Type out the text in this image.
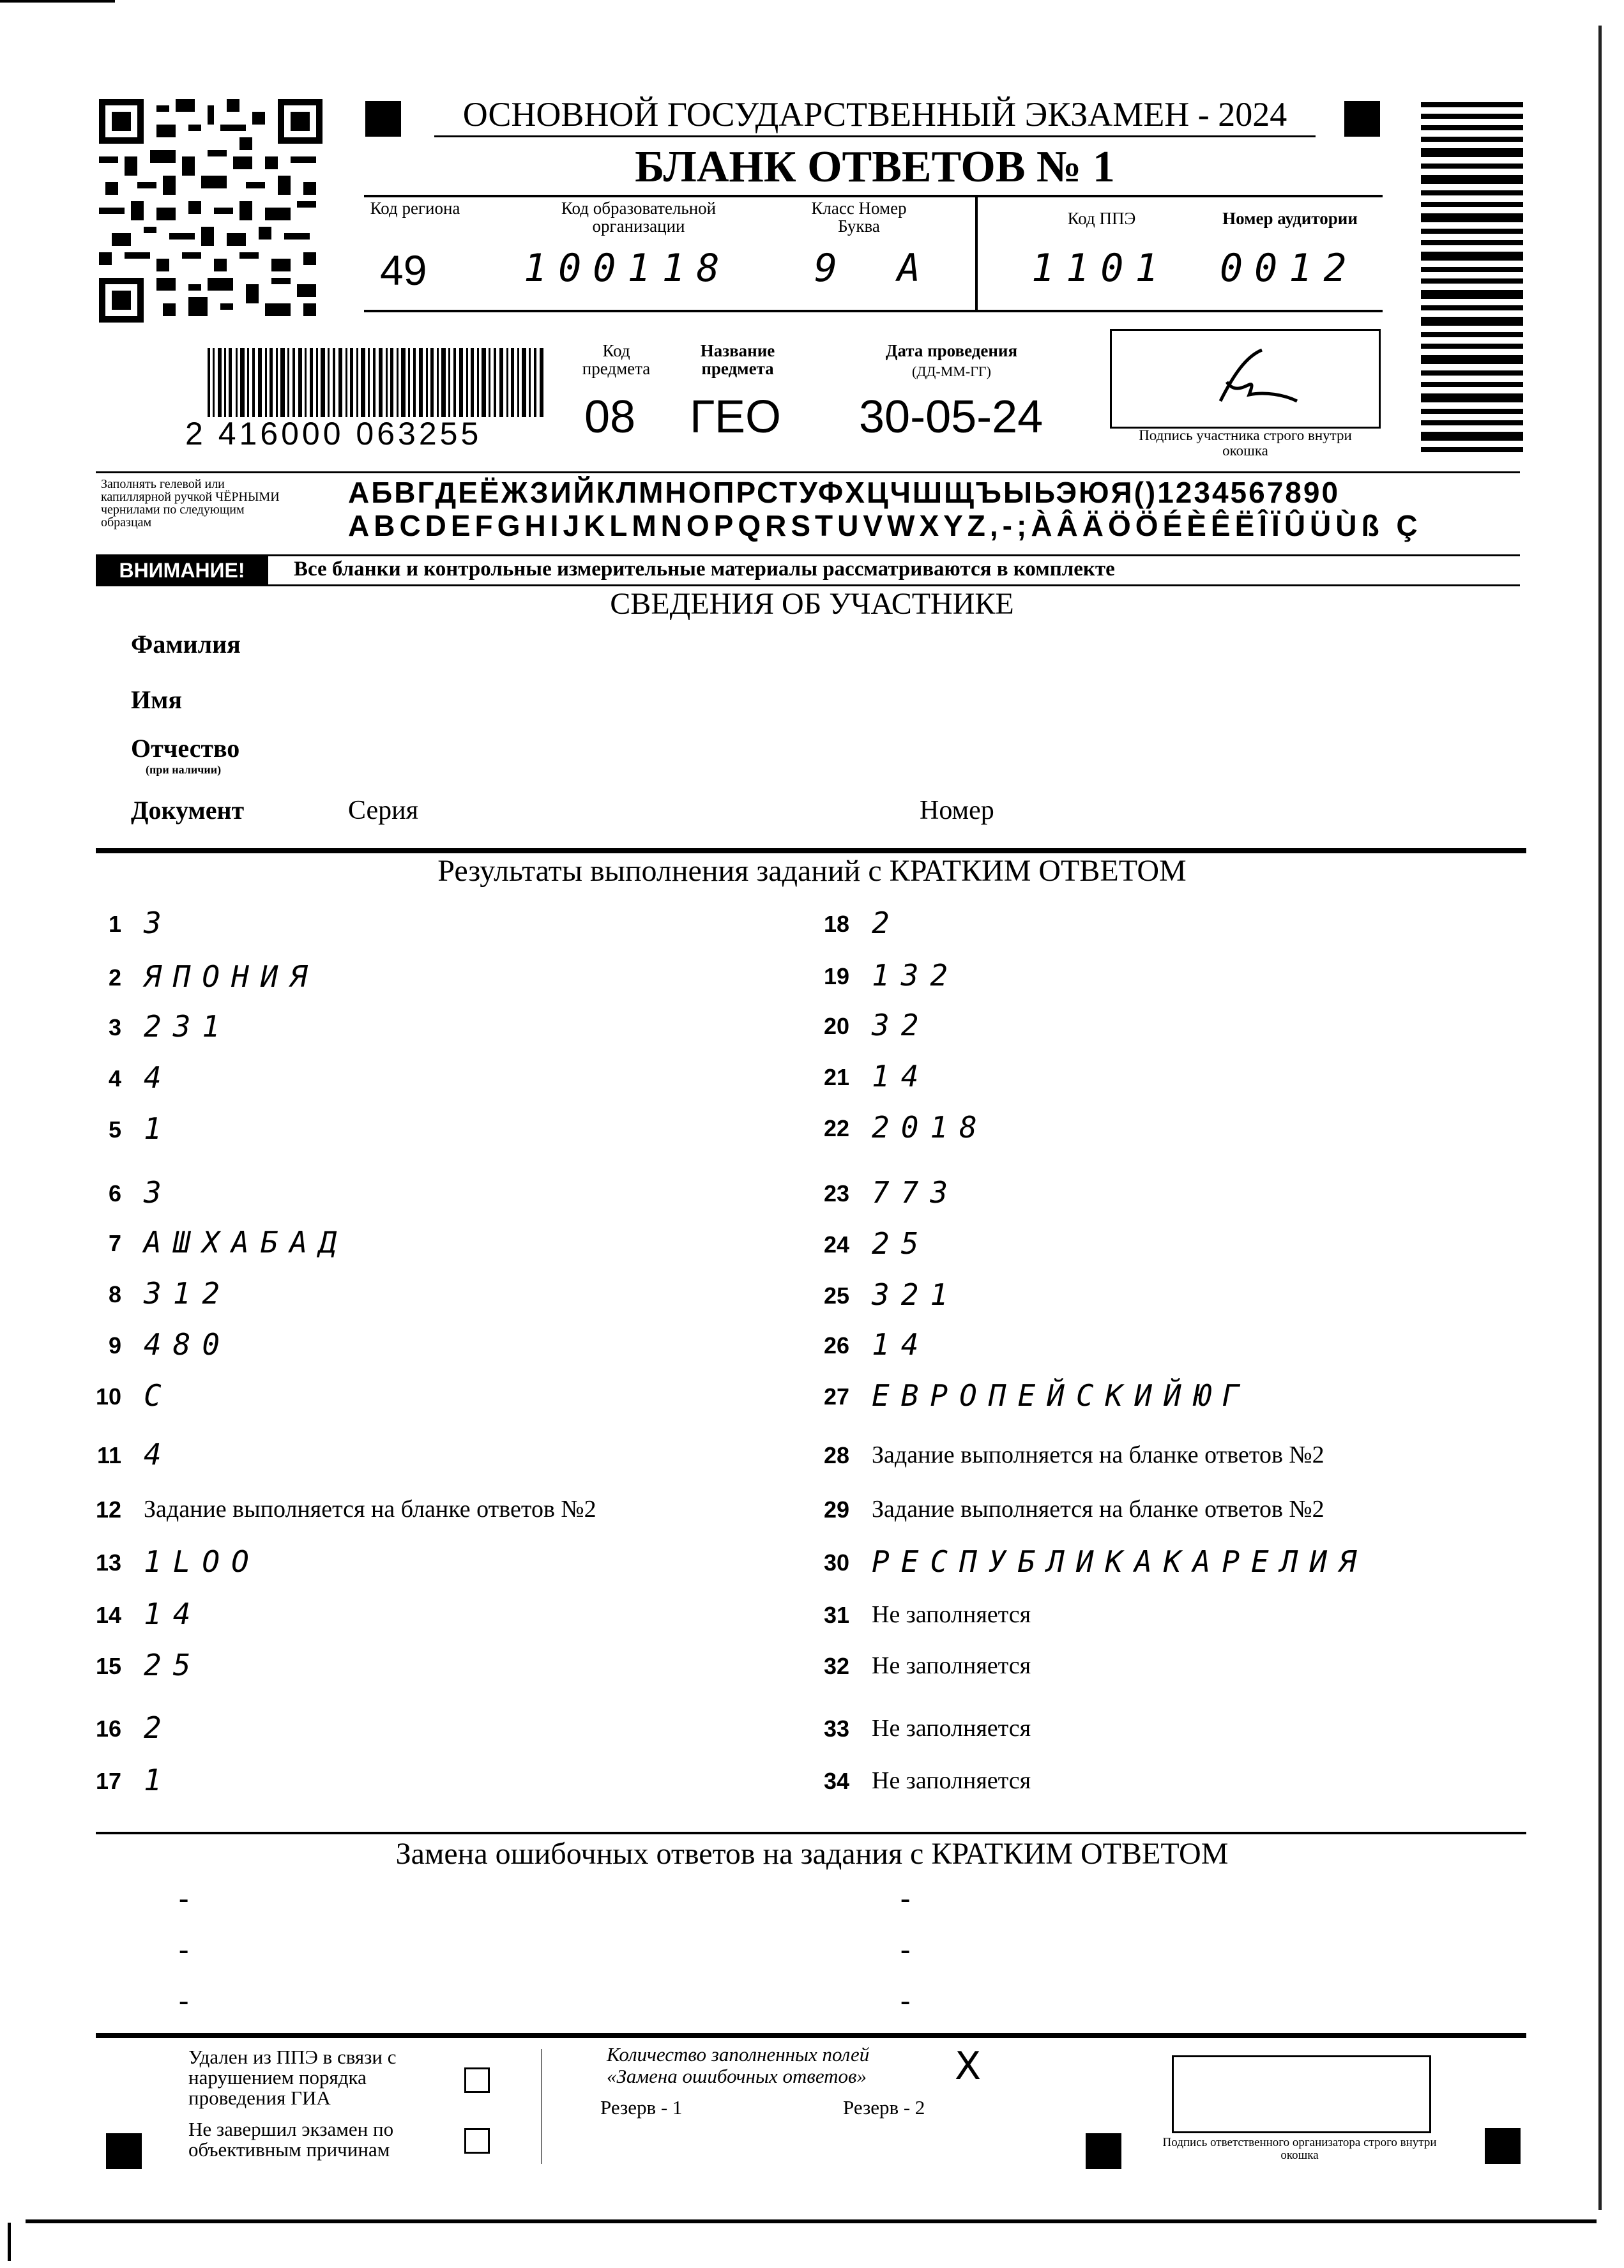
ОСНОВНОЙ ГОСУДАРСТВЕННЫЙ ЭКЗАМЕН - 2024
БЛАНК ОТВЕТОВ № 1
Код региона
49
Код образовательной организации
100118
Класс Номер Буква
9 А
Код ППЭ
1101
Номер аудитории
0012
2 416000 063255
Код предмета
08
Название предмета
ГЕО
Дата проведения
(ДД-ММ-ГГ)
30-05-24	Подпись участника строго внутри окошка
Заполнять гелевой или капиллярной ручкой ЧЁРНЫМИ чернилами по следующим образцам
АБВГДЕЁЖЗИЙКЛМНОПРСТУФХЦЧШЩЪЫЬЭЮЯ()1234567890
ABCDEFGHIJKLMNOPQRSTUVWXYZ,-;ÀÂÄÖÖÉÈÊËÎÏÛÜÙß Ç
ВНИМАНИЕ!	Все бланки и контрольные измерительные материалы рассматриваются в комплекте
СВЕДЕНИЯ ОБ УЧАСТНИКЕ
Фамилия
Имя
Отчество
(при наличии)
Документ	Серия	Номер
Результаты выполнения заданий с КРАТКИМ ОТВЕТОМ
1 3
2 ЯПОНИЯ
3 231
4 4
5 1
6 3
7 АШХАБАД
8 312
9 480
10 С
11 4
12 Задание выполняется на бланке ответов №2
13 1LOO
14 14
15 25
16 2
17 1
18 2
19 132
20 32
21 14
22 2018
23 773
24 25
25 321
26 14
27 ЕВРОПЕЙСКИЙЮГ
28 Задание выполняется на бланке ответов №2
29 Задание выполняется на бланке ответов №2
30 РЕСПУБЛИКАКАРЕЛИЯ
31 Не заполняется
32 Не заполняется
33 Не заполняется
34 Не заполняется
Замена ошибочных ответов на задания с КРАТКИМ ОТВЕТОМ
-
-
-
-
-
-
Удален из ППЭ в связи с нарушением порядка проведения ГИА
Не завершил экзамен по объективным причинам
Количество заполненных полей «Замена ошибочных ответов»	X
Резерв - 1	Резерв - 2
Подпись ответственного организатора строго внутри окошка
